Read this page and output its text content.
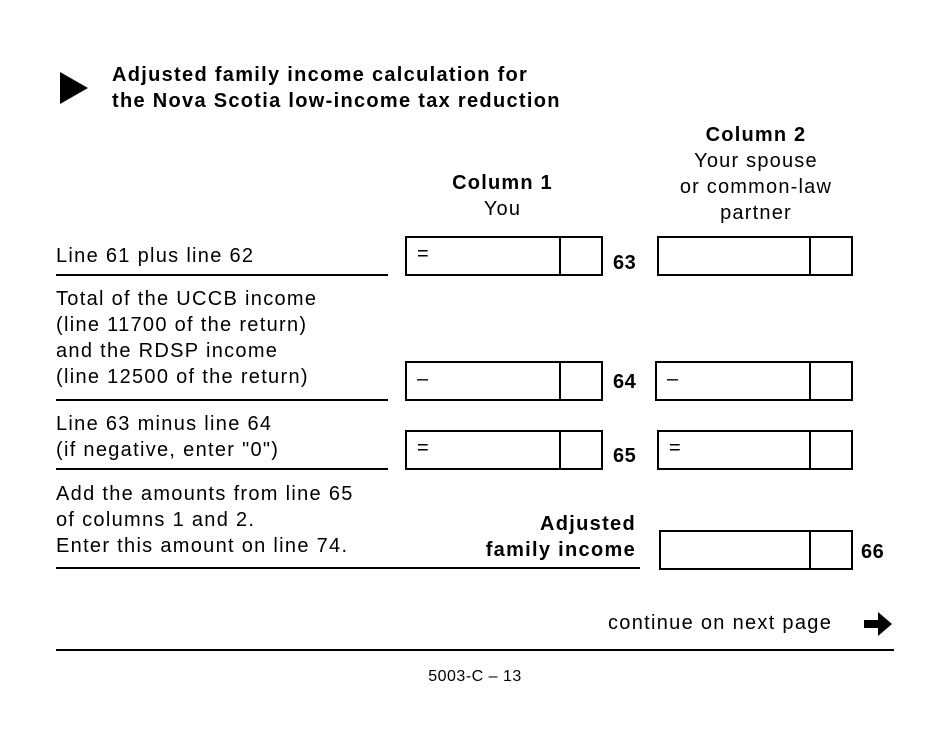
Adjusted family income calculation for
the Nova Scotia low-income tax reduction
Column 1
You
Column 2
Your spouse
or common-law
partner
Line 61 plus line 62	=	63
Total of the UCCB income
(line 11700 of the return)
and the RDSP income
(line 12500 of the return)	–	64 –
Line 63 minus line 64
(if negative, enter "0")	=	65 =
Add the amounts from line 65
of columns 1 and 2.
Enter this amount on line 74.
Adjusted
family income	66
continue on next page
5003-C – 13
